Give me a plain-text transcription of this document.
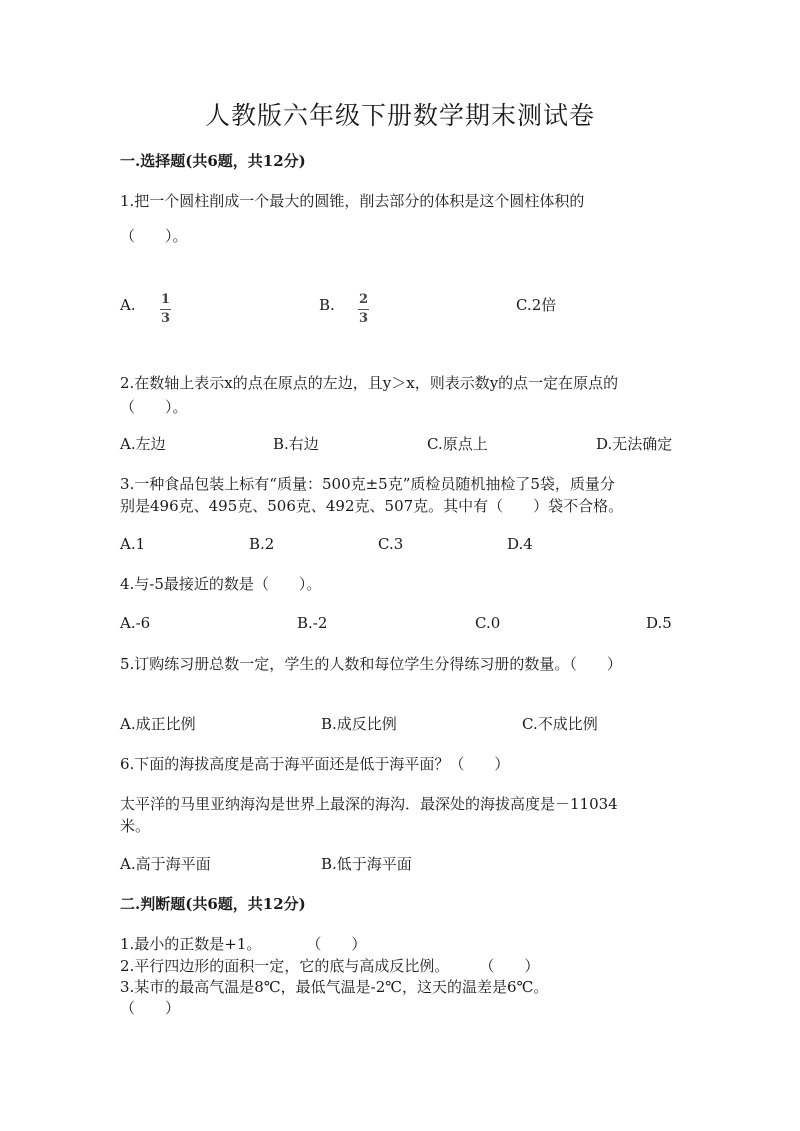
人教版六年级下册数学期末测试卷
一.选择题(共6题，共12分)
1.把一个圆柱削成一个最大的圆锥，削去部分的体积是这个圆柱体积的
（　　）。
A. $\frac{1}{3}$	B. $\frac{2}{3}$	C.2倍
2.在数轴上表示x的点在原点的左边，且y＞x，则表示数y的点一定在原点的
（　　）。
A.左边	B.右边	C.原点上	D.无法确定
3.一种食品包装上标有“质量：500克±5克”质检员随机抽检了5袋，质量分
别是496克、495克、506克、492克、507克。其中有（　　）袋不合格。
A.1	B.2	C.3	D.4
4.与-5最接近的数是（　　）。
A.-6	B.-2	C.0	D.5
5.订购练习册总数一定，学生的人数和每位学生分得练习册的数量。（　　）
A.成正比例	B.成反比例	C.不成比例
6.下面的海拔高度是高于海平面还是低于海平面？（　　）
太平洋的马里亚纳海沟是世界上最深的海沟．最深处的海拔高度是－11034
米。
A.高于海平面	B.低于海平面
二.判断题(共6题，共12分)
1.最小的正数是+1。　　　　（　　）
2.平行四边形的面积一定，它的底与高成反比例。　　　（　　）
3.某市的最高气温是8℃，最低气温是-2℃，这天的温差是6℃。
（　　）
